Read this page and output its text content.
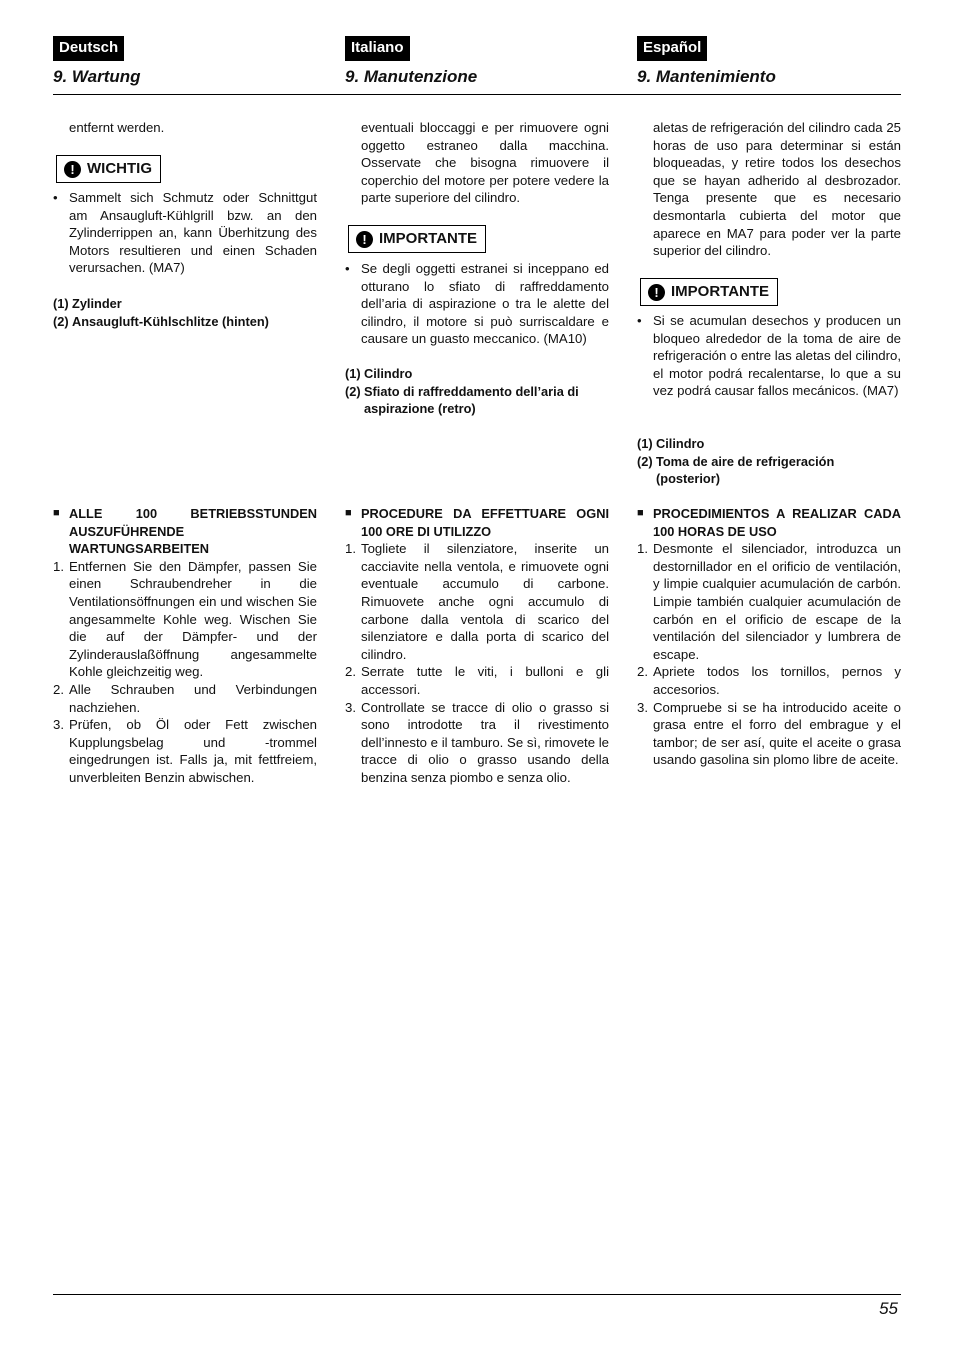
Deutsch
9. Wartung
Italiano
9. Manutenzione
Español
9. Mantenimiento

entfernt werden.

! WICHTIG
• Sammelt sich Schmutz oder Schnittgut am Ansaugluft-Kühlgrill bzw. an den Zylinderrippen an, kann Überhitzung des Motors resultieren und einen Schaden verursachen. (MA7)
(1) Zylinder
(2) Ansaugluft-Kühlschlitze (hinten)
■ ALLE 100 BETRIEBSSTUNDEN AUSZUFÜHRENDE WARTUNGSARBEITEN
1. Entfernen Sie den Dämpfer, passen Sie einen Schraubendreher in die Ventilationsöffnungen ein und wischen Sie angesammelte Kohle weg. Wischen Sie die auf der Dämpfer- und der Zylinderauslaßöffnung angesammelte Kohle gleichzeitig weg.
2. Alle Schrauben und Verbindungen nachziehen.
3. Prüfen, ob Öl oder Fett zwischen Kupplungsbelag und -trommel eingedrungen ist. Falls ja, mit fettfreiem, unverbleiten Benzin abwischen.

eventuali bloccaggi e per rimuovere ogni oggetto estraneo dalla macchina. Osservate che bisogna rimuovere il coperchio del motore per potere vedere la parte superiore del cilindro.

! IMPORTANTE
• Se degli oggetti estranei si inceppano ed otturano lo sfiato di raffreddamento dell’aria di aspirazione o tra le alette del cilindro, il motore si può surriscaldare e causare un guasto meccanico. (MA10)
(1) Cilindro
(2) Sfiato di raffreddamento dell’aria di aspirazione (retro)
■ PROCEDURE DA EFFETTUARE OGNI 100 ORE DI UTILIZZO
1. Togliete il silenziatore, inserite un cacciavite nella ventola, e rimuovete ogni eventuale accumulo di carbone. Rimuovete anche ogni accumulo di carbone dalla ventola di scarico del silenziatore e dalla porta di scarico del cilindro.
2. Serrate tutte le viti, i bulloni e gli accessori.
3. Controllate se tracce di olio o grasso si sono introdotte tra il rivestimento dell’innesto e il tamburo. Se sì, rimovete le tracce di olio o grasso usando della benzina senza piombo e senza olio.

aletas de refrigeración del cilindro cada 25 horas de uso para determinar si están bloqueadas, y retire todos los desechos que se hayan adherido al desbrozador. Tenga presente que es necesario desmontarla cubierta del motor que aparece en MA7 para poder ver la parte superior del cilindro.

! IMPORTANTE
• Si se acumulan desechos y producen un bloqueo alrededor de la toma de aire de refrigeración o entre las aletas del cilindro, el motor podrá recalentarse, lo que a su vez podrá causar fallos mecánicos. (MA7)
(1) Cilindro
(2) Toma de aire de refrigeración (posterior)
■ PROCEDIMIENTOS A REALIZAR CADA 100 HORAS DE USO
1. Desmonte el silenciador, introduzca un destornillador en el orificio de ventilación, y limpie cualquier acumulación de carbón. Limpie también cualquier acumulación de carbón en el orificio de escape de la ventilación del silenciador y lumbrera de escape.
2. Apriete todos los tornillos, pernos y accesorios.
3. Compruebe si se ha introducido aceite o grasa entre el forro del embrague y el tambor; de ser así, quite el aceite o grasa usando gasolina sin plomo libre de aceite.
55
